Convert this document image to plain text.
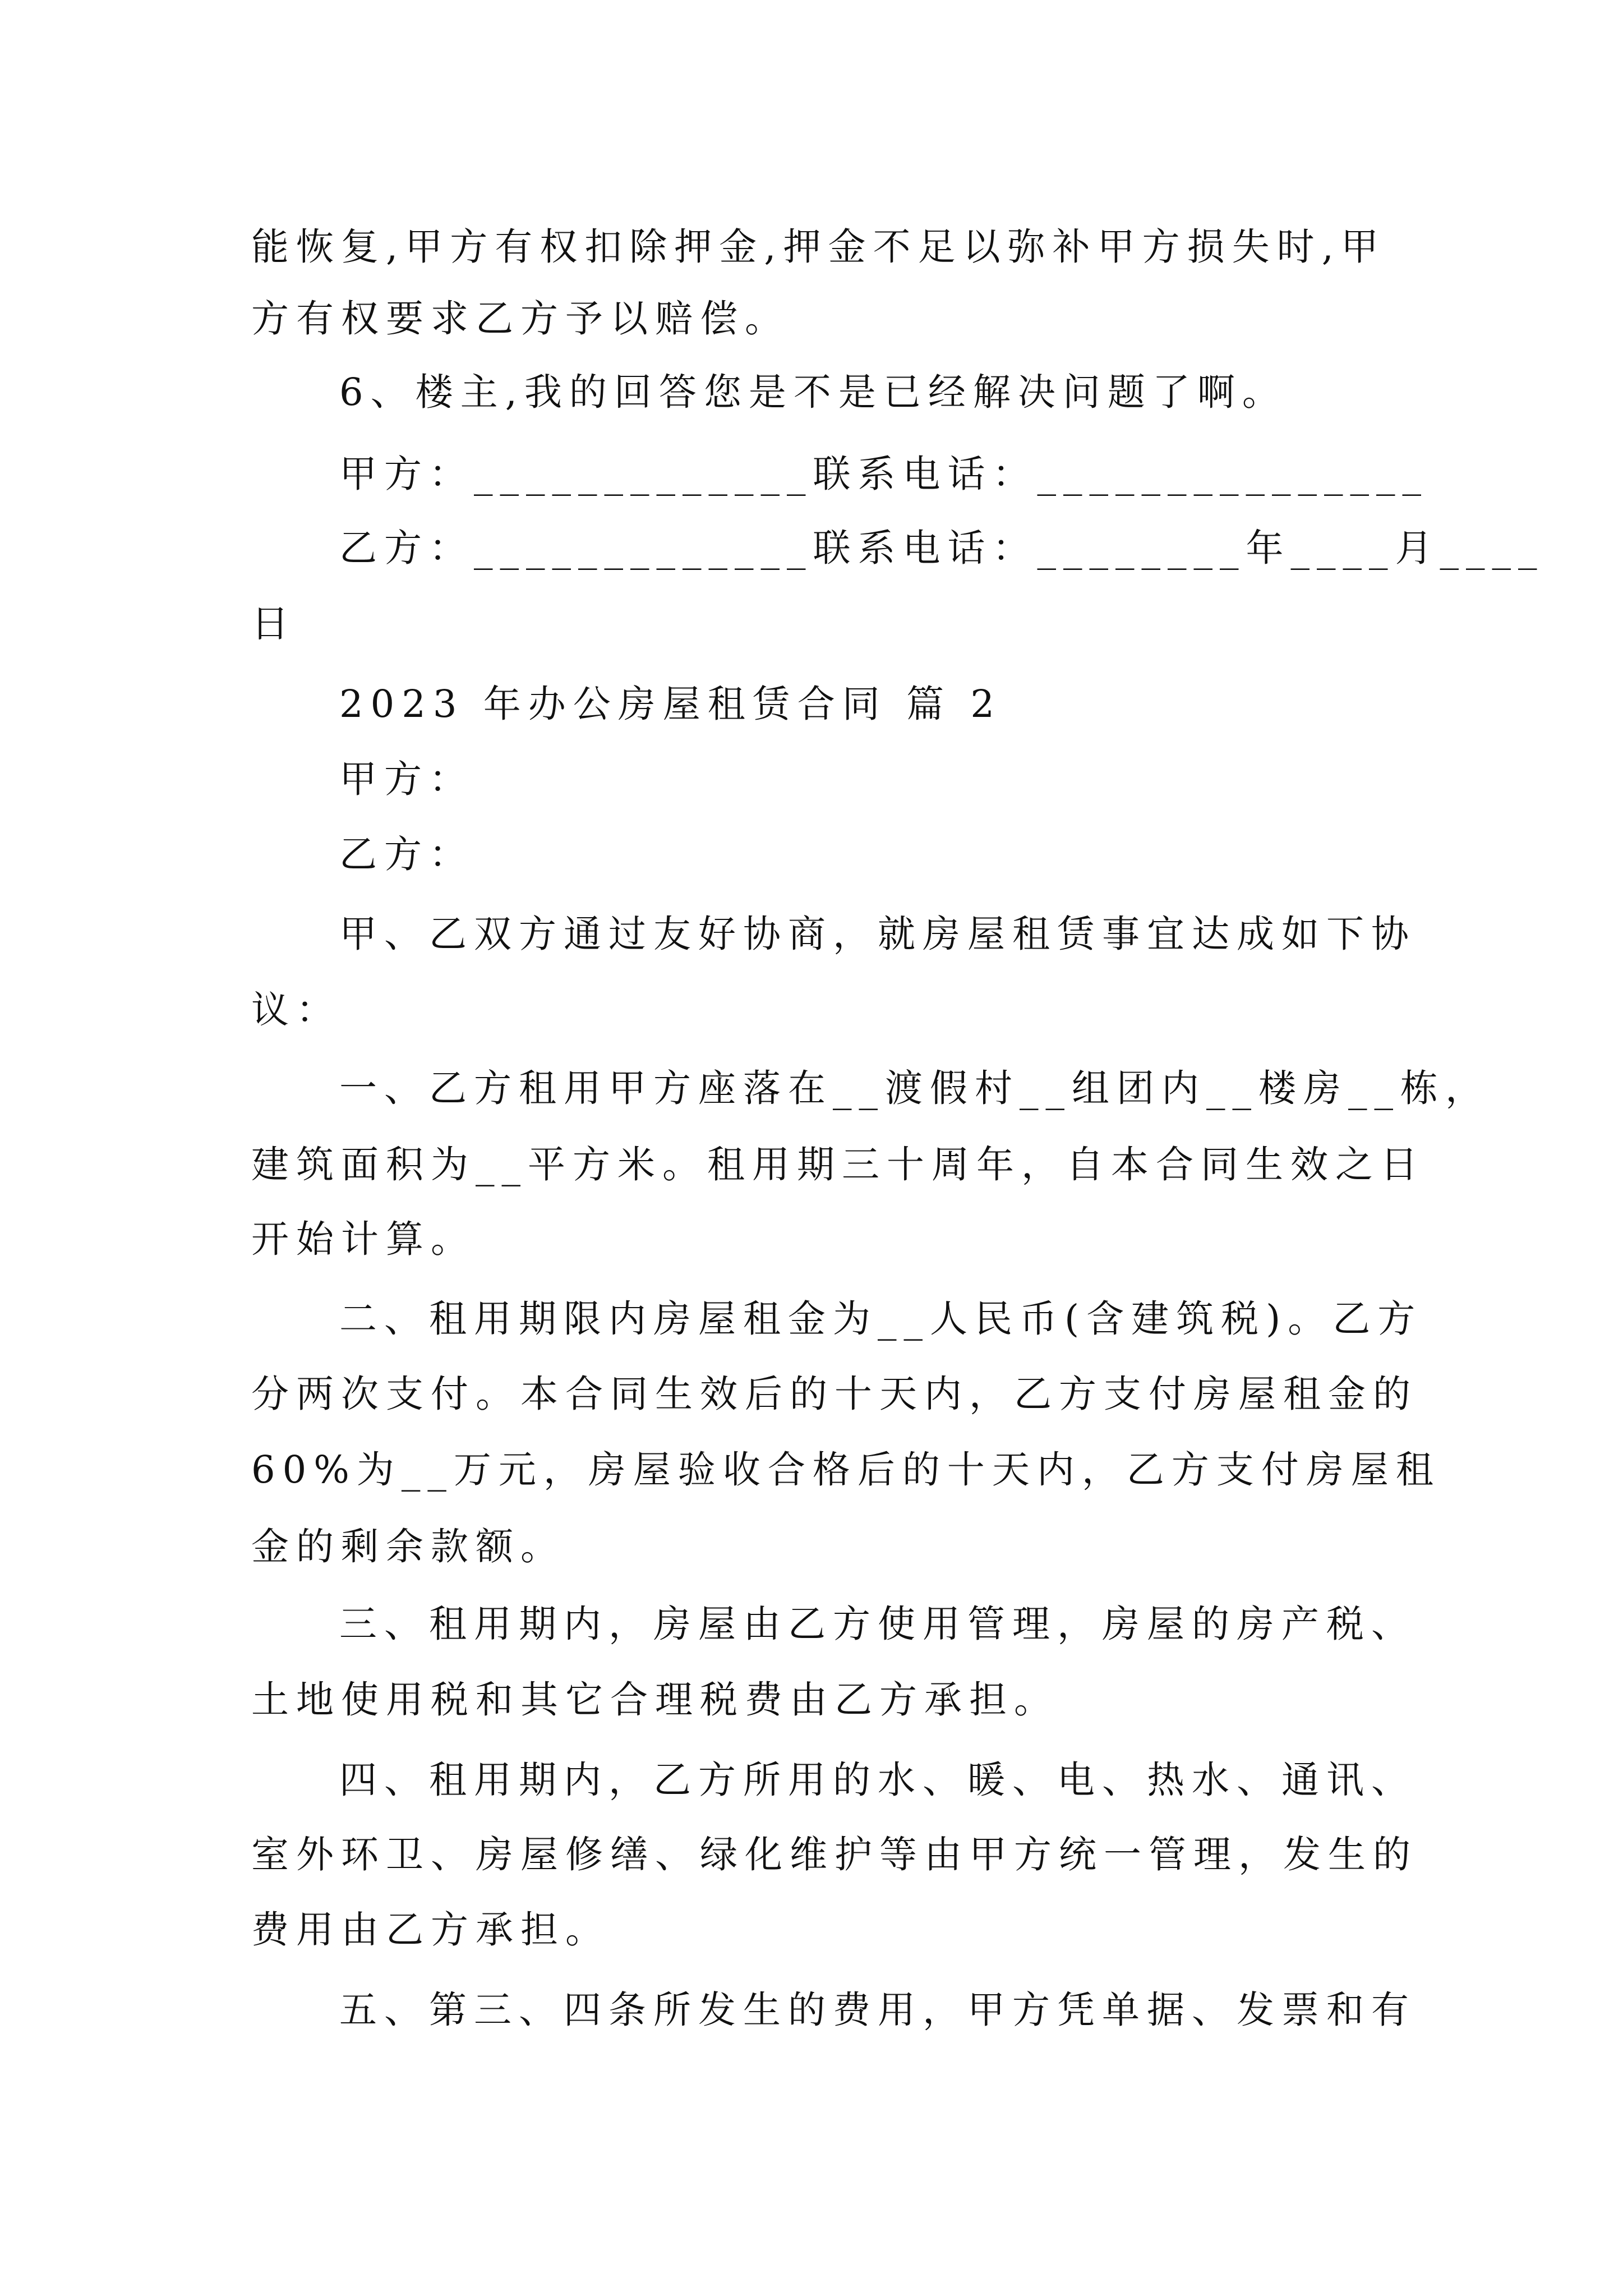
能恢复,甲方有权扣除押金,押金不足以弥补甲方损失时,甲
方有权要求乙方予以赔偿。
6、楼主,我的回答您是不是已经解决问题了啊。
甲方：_____________联系电话：_______________
乙方：_____________联系电话：________年____月____
日
2023 年办公房屋租赁合同 篇 2
甲方：
乙方：
甲、乙双方通过友好协商，就房屋租赁事宜达成如下协
议：
一、乙方租用甲方座落在__渡假村__组团内__楼房__栋，
建筑面积为__平方米。租用期三十周年，自本合同生效之日
开始计算。
二、租用期限内房屋租金为__人民币(含建筑税)。乙方
分两次支付。本合同生效后的十天内，乙方支付房屋租金的
60%为__万元，房屋验收合格后的十天内，乙方支付房屋租
金的剩余款额。
三、租用期内，房屋由乙方使用管理，房屋的房产税、
土地使用税和其它合理税费由乙方承担。
四、租用期内，乙方所用的水、暖、电、热水、通讯、
室外环卫、房屋修缮、绿化维护等由甲方统一管理，发生的
费用由乙方承担。
五、第三、四条所发生的费用，甲方凭单据、发票和有
